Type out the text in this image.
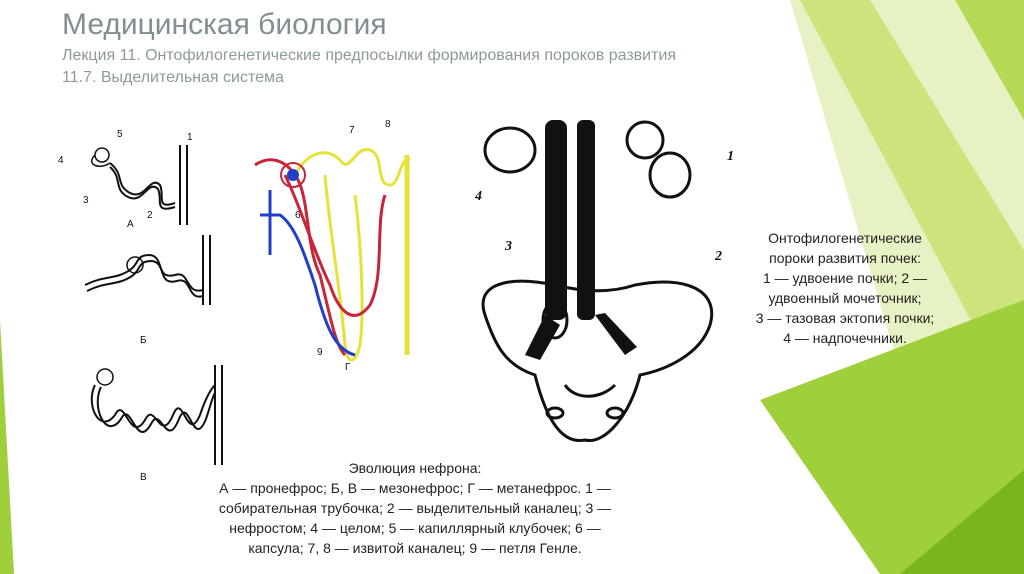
Медицинская биология
Лекция 11. Онтофилогенетические предпосылки формирования пороков развития
11.7. Выделительная система
А
Б
В
Г
1
2
3
4
5
6
7
8
9
1
2
3
4
Эволюция нефрона:
А — пронефрос; Б, В — мезонефрос; Г — метанефрос. 1 —
собирательная трубочка; 2 — выделительный каналец; 3 —
нефростом; 4 — целом; 5 — капиллярный клубочек; 6 —
капсула; 7, 8 — извитой каналец; 9 — петля Генле.
Онтофилогенетические
пороки развития почек:
1 — удвоение почки; 2 —
удвоенный мочеточник;
3 — тазовая эктопия почки;
4 — надпочечники.
